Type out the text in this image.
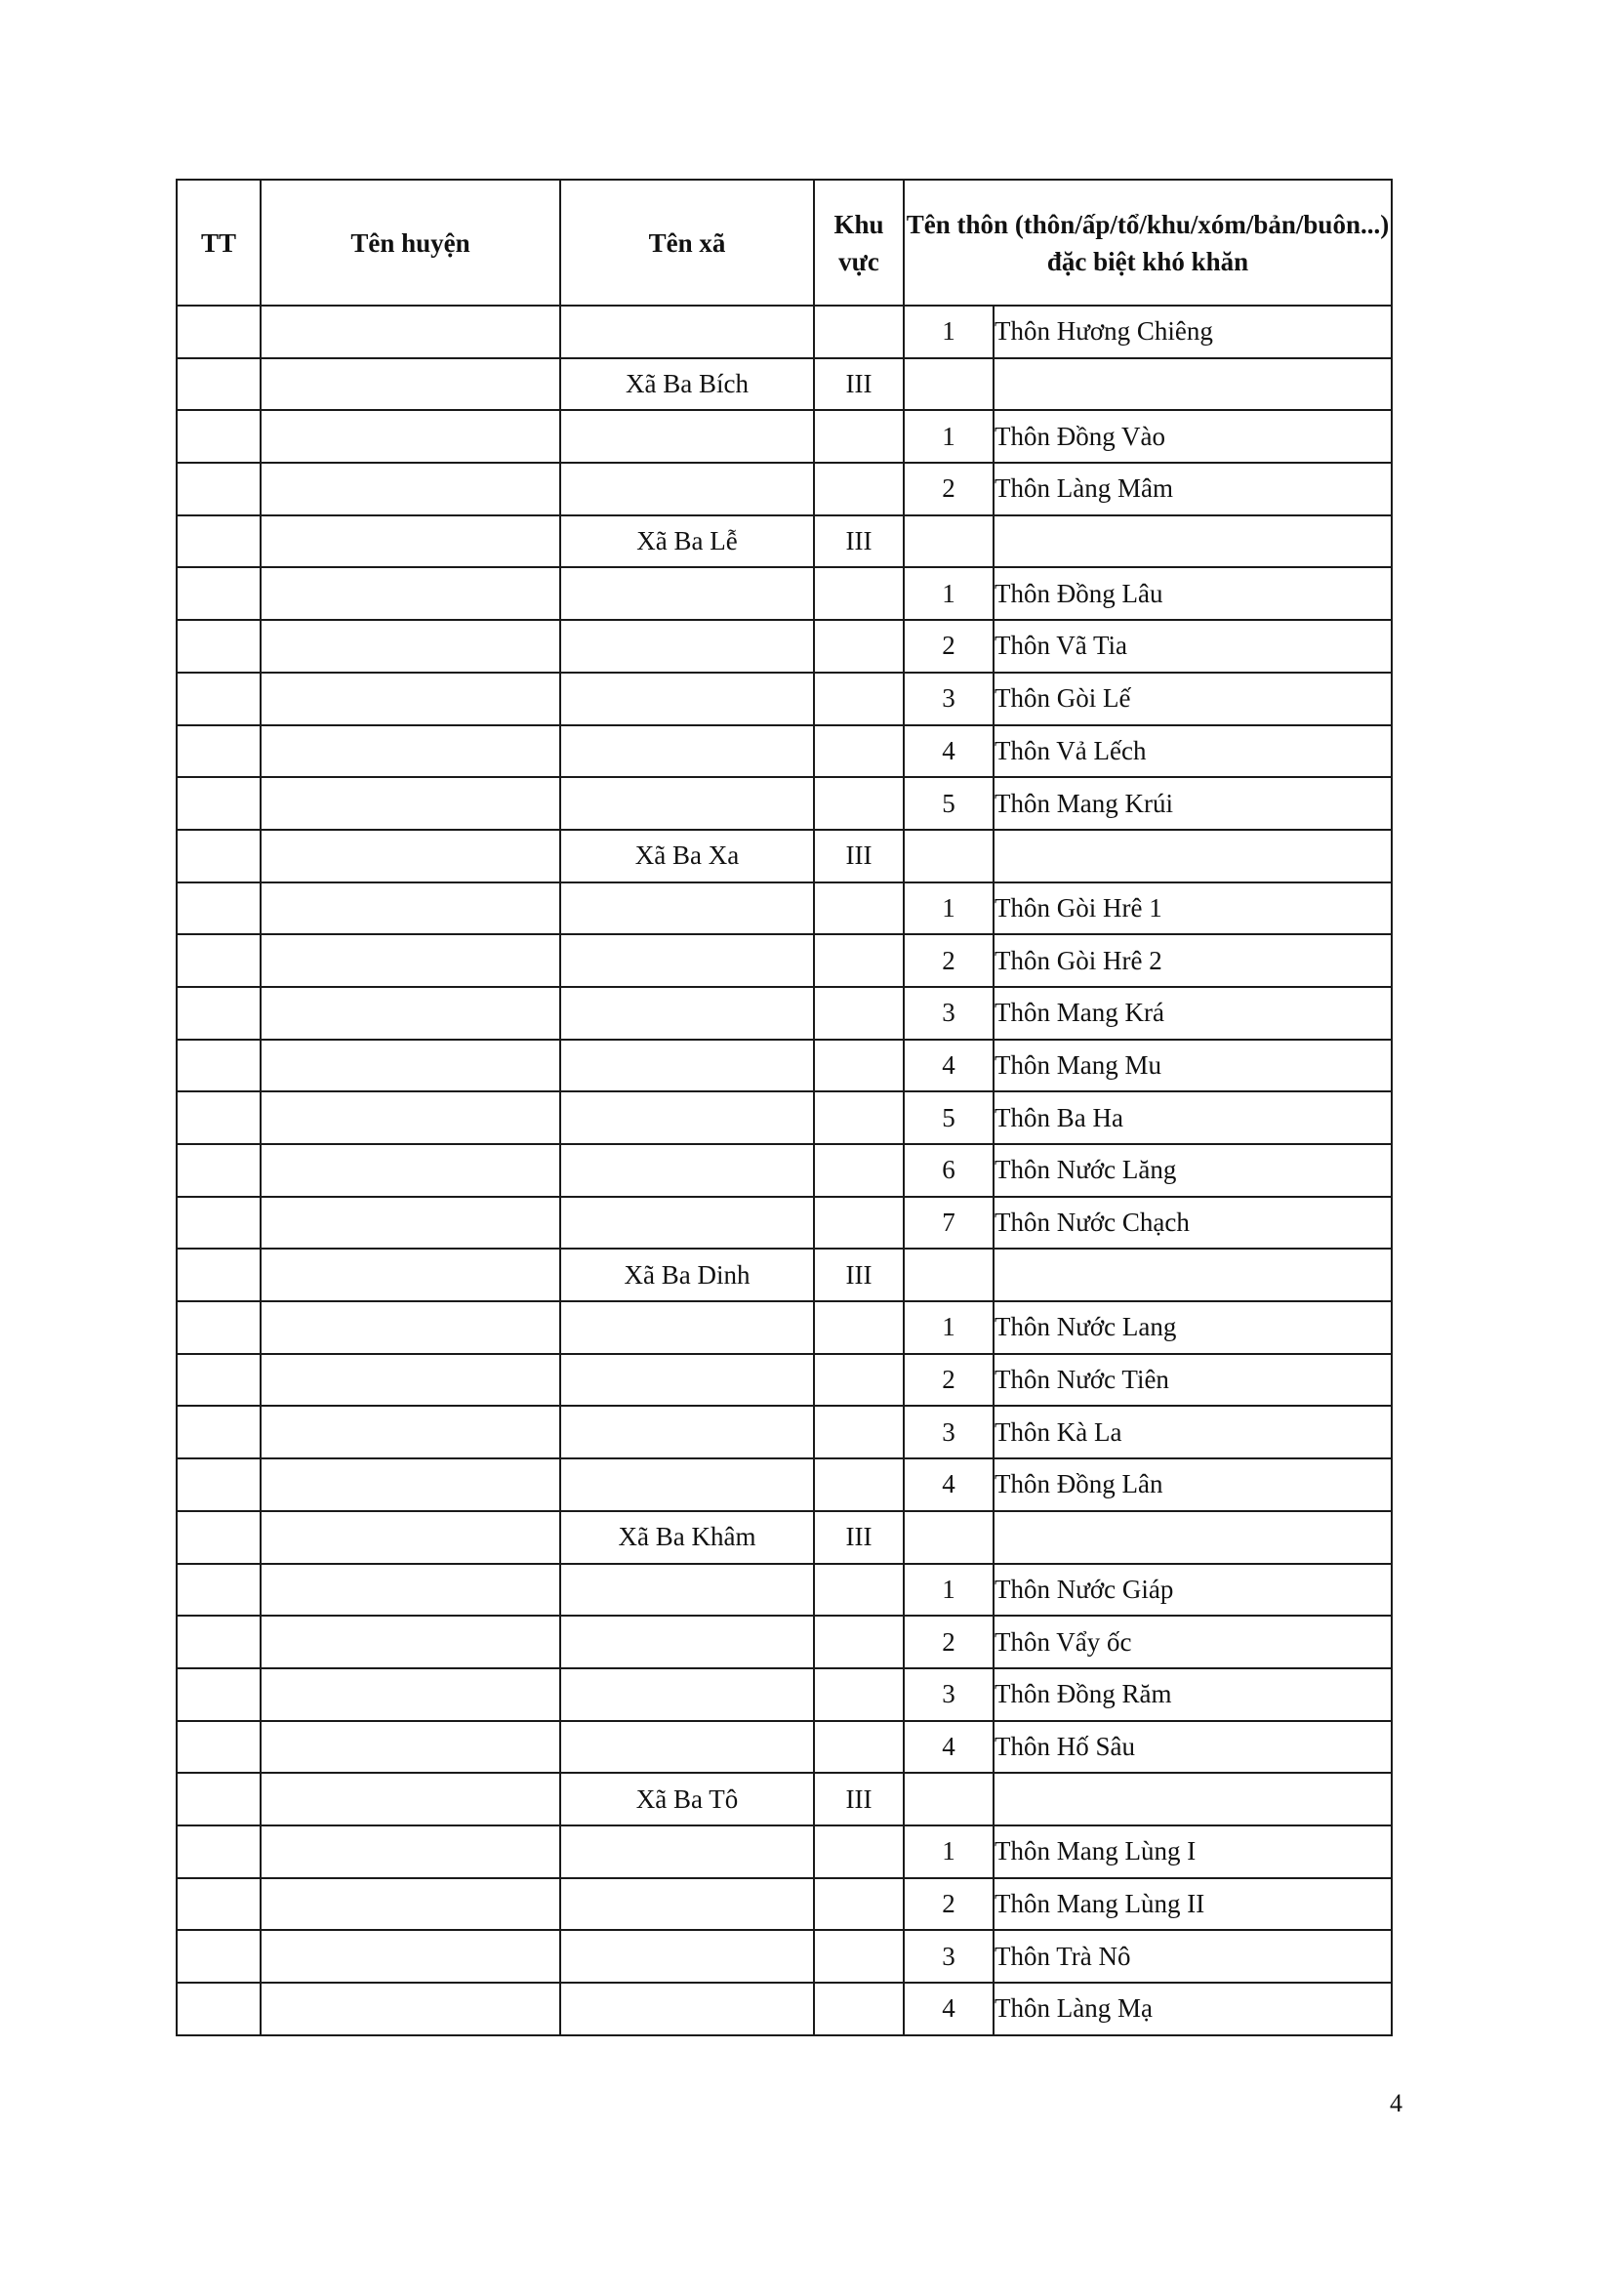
TT	Tên huyện	Tên xã	Khu vực	Tên thôn (thôn/ấp/tổ/khu/xóm/bản/buôn...) đặc biệt khó khăn	
				1	Thôn Hương Chiêng
		Xã Ba Bích	III		
				1	Thôn Đồng Vào
				2	Thôn Làng Mâm
		Xã Ba Lễ	III		
				1	Thôn Đồng Lâu
				2	Thôn Vã Tia
				3	Thôn Gòi Lế
				4	Thôn Vả Lếch
				5	Thôn Mang Krúi
		Xã Ba Xa	III		
				1	Thôn Gòi Hrê 1
				2	Thôn Gòi Hrê 2
				3	Thôn Mang Krá
				4	Thôn Mang Mu
				5	Thôn Ba Ha
				6	Thôn Nước Lăng
				7	Thôn Nước Chạch
		Xã Ba Dinh	III		
				1	Thôn Nước Lang
				2	Thôn Nước Tiên
				3	Thôn Kà La
				4	Thôn Đồng Lân
		Xã Ba Khâm	III		
				1	Thôn Nước Giáp
				2	Thôn Vẩy ốc
				3	Thôn Đồng Răm
				4	Thôn Hố Sâu
		Xã Ba Tô	III		
				1	Thôn Mang Lùng I
				2	Thôn Mang Lùng II
				3	Thôn Trà Nô
				4	Thôn Làng Mạ
4
